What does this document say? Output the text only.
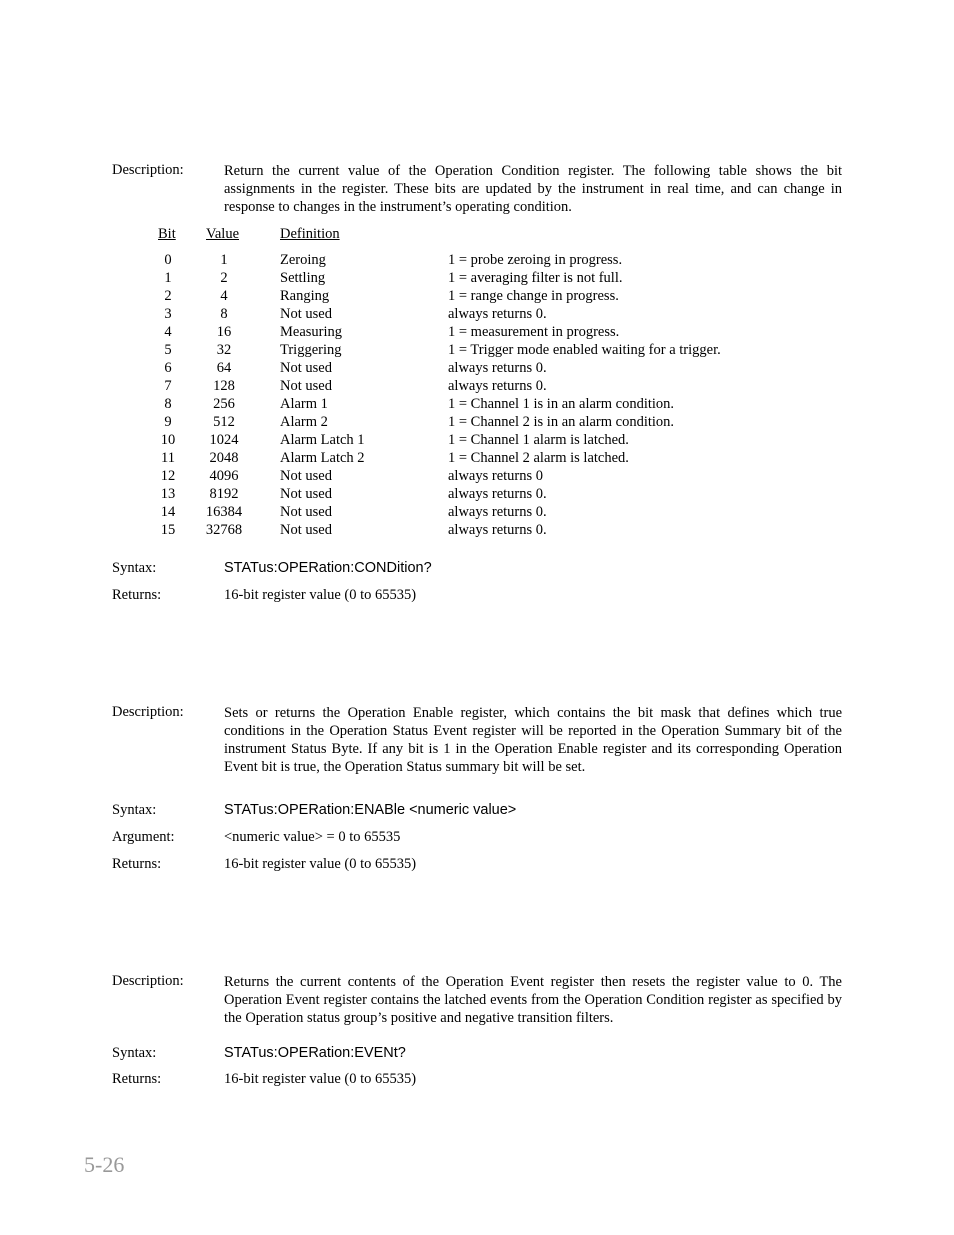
Description:	Return the current value of the Operation Condition register. The following table shows the bit assignments in the register. These bits are updated by the instrument in real time, and can change in response to changes in the instrument’s operating condition.
Bit Value	Definition
0	1	Zeroing	1 = probe zeroing in progress.
1	2	Settling	1 = averaging filter is not full.
2	4	Ranging	1 = range change in progress.
3	8	Not used	always returns 0.
4	16	Measuring	1 = measurement in progress.
5	32	Triggering	1 = Trigger mode enabled waiting for a trigger.
6	64	Not used	always returns 0.
7	128	Not used	always returns 0.
8	256	Alarm 1	1 = Channel 1 is in an alarm condition.
9	512	Alarm 2	1 = Channel 2 is in an alarm condition.
10	1024	Alarm Latch 1	1 = Channel 1 alarm is latched.
11	2048	Alarm Latch 2	1 = Channel 2 alarm is latched.
12	4096	Not used	always returns 0
13	8192	Not used	always returns 0.
14	16384	Not used	always returns 0.
15	32768	Not used	always returns 0.
Syntax:	STATus:OPERation:CONDition?
Returns:	16-bit register value (0 to 65535)
Description:	Sets or returns the Operation Enable register, which contains the bit mask that defines which true conditions in the Operation Status Event register will be reported in the Operation Summary bit of the instrument Status Byte. If any bit is 1 in the Operation Enable register and its corresponding Operation Event bit is true, the Operation Status summary bit will be set.
Syntax:	STATus:OPERation:ENABle <numeric value>
Argument:	<numeric value> = 0 to 65535
Returns:	16-bit register value (0 to 65535)
Description:	Returns the current contents of the Operation Event register then resets the register value to 0. The Operation Event register contains the latched events from the Operation Condition register as specified by the Operation status group’s positive and negative transition filters.
Syntax:	STATus:OPERation:EVENt?
Returns:	16-bit register value (0 to 65535)
5-26
